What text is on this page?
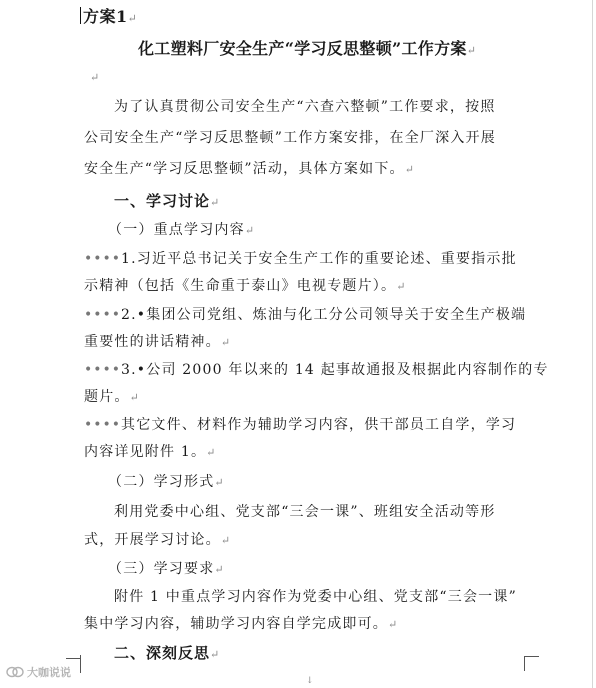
方案1↵
化工塑料厂安全生产“学习反思整顿”工作方案↵
↵
为了认真贯彻公司安全生产“六查六整顿”工作要求，按照
公司安全生产“学习反思整顿”工作方案安排，在全厂深入开展
安全生产“学习反思整顿”活动，具体方案如下。↵
一、学习讨论↵
（一）重点学习内容↵
••••1.习近平总书记关于安全生产工作的重要论述、重要指示批
示精神（包括《生命重于泰山》电视专题片）。↵
••••2.•集团公司党组、炼油与化工分公司领导关于安全生产极端
重要性的讲话精神。↵
••••3.•公司 2000 年以来的 14 起事故通报及根据此内容制作的专
题片。↵
••••其它文件、材料作为辅助学习内容，供干部员工自学，学习
内容详见附件 1。↵
（二）学习形式↵
利用党委中心组、党支部“三会一课”、班组安全活动等形
式，开展学习讨论。↵
（三）学习要求↵
附件 1 中重点学习内容作为党委中心组、党支部“三会一课”
集中学习内容，辅助学习内容自学完成即可。↵
二、深刻反思↵
↓
大咖说说
